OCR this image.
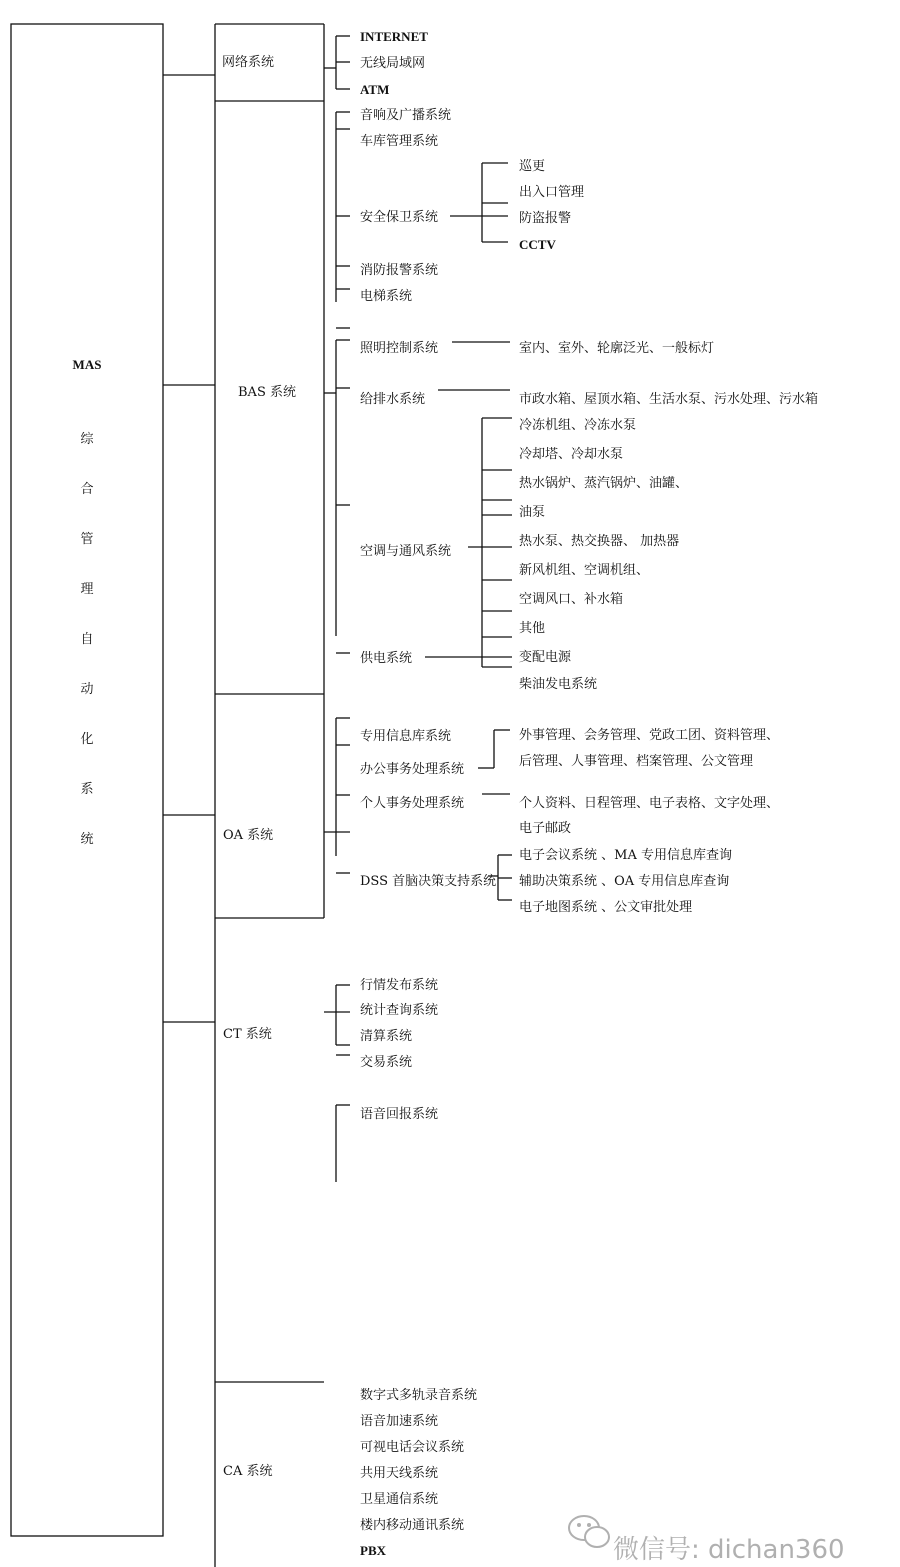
MAS
综
合
管
理
自
动
化
系
统
网络系统
BAS 系统
OA 系统
CT 系统
CA 系统
INTERNET
无线局域网
ATM
音响及广播系统
车库管理系统
安全保卫系统
消防报警系统
电梯系统
照明控制系统
给排水系统
空调与通风系统
供电系统
巡更
出入口管理
防盗报警
CCTV
室内、室外、轮廓泛光、一般标灯
市政水箱、屋顶水箱、生活水泵、污水处理、污水箱
冷冻机组、冷冻水泵
冷却塔、冷却水泵
热水锅炉、蒸汽锅炉、油罐、
油泵
热水泵、热交换器、 加热器
新风机组、空调机组、
空调风口、补水箱
其他
变配电源
柴油发电系统
专用信息库系统
办公事务处理系统
个人事务处理系统
DSS 首脑决策支持系统
外事管理、会务管理、党政工团、资料管理、
后管理、人事管理、档案管理、公文管理
个人资料、日程管理、电子表格、文字处理、
电子邮政
电子会议系统 、MA 专用信息库查询
辅助决策系统 、OA 专用信息库查询
电子地图系统 、公文审批处理
行情发布系统
统计查询系统
清算系统
交易系统
语音回报系统
数字式多轨录音系统
语音加速系统
可视电话会议系统
共用天线系统
卫星通信系统
楼内移动通讯系统
PBX	微信号: dichan360
